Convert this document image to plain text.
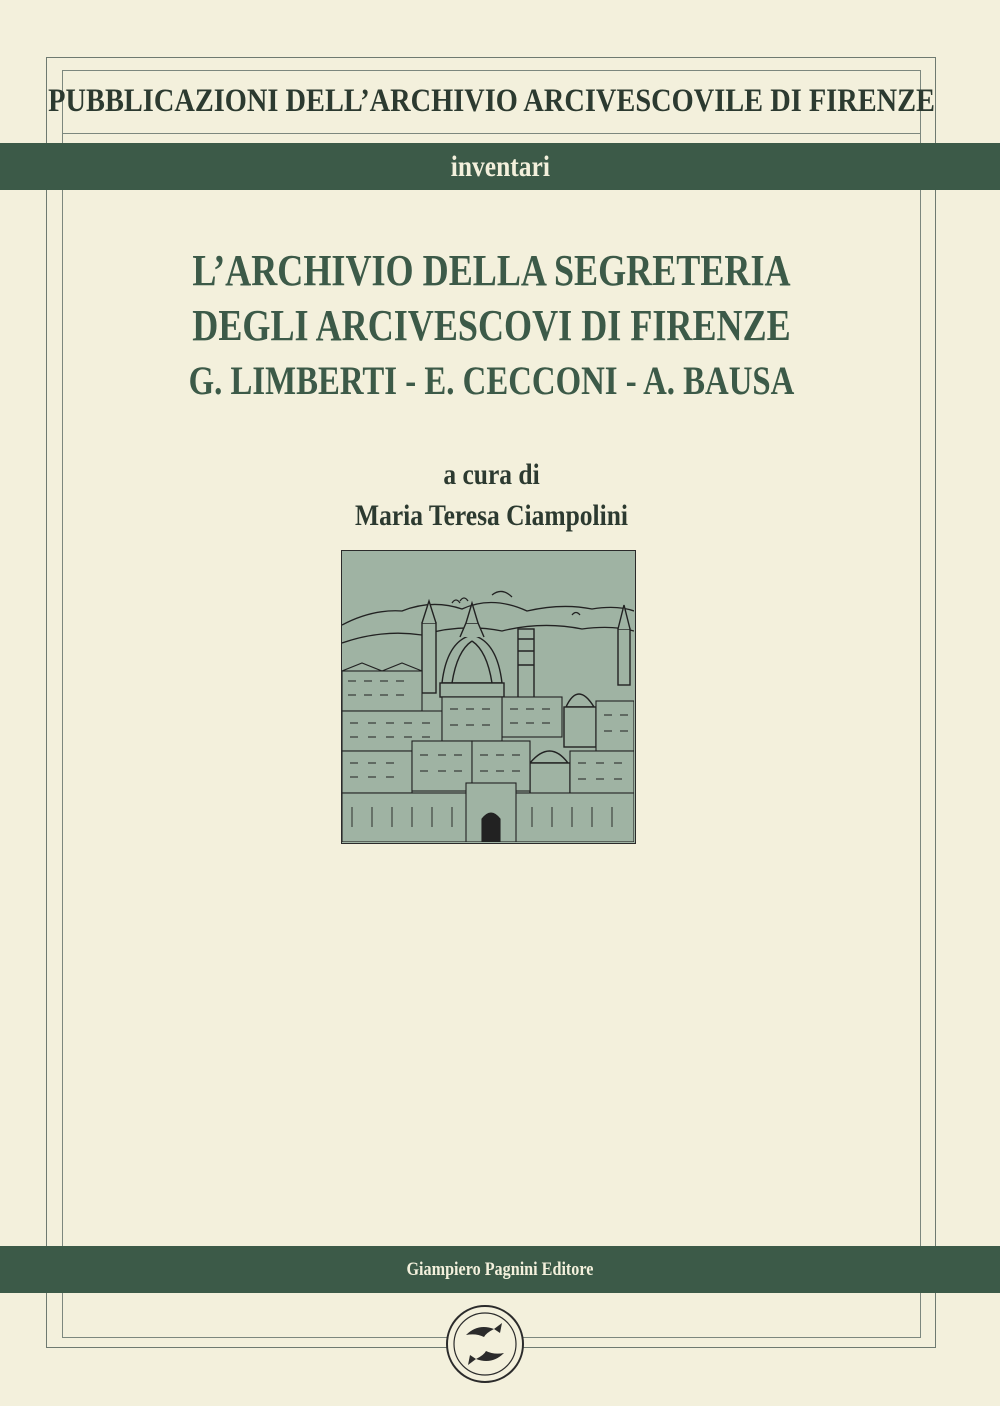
PUBBLICAZIONI DELL’ARCHIVIO ARCIVESCOVILE DI FIRENZE
inventari
L’ARCHIVIO DELLA SEGRETERIA
DEGLI ARCIVESCOVI DI FIRENZE
G. LIMBERTI - E. CECCONI - A. BAUSA
a cura di
Maria Teresa Ciampolini
Giampiero Pagnini Editore
